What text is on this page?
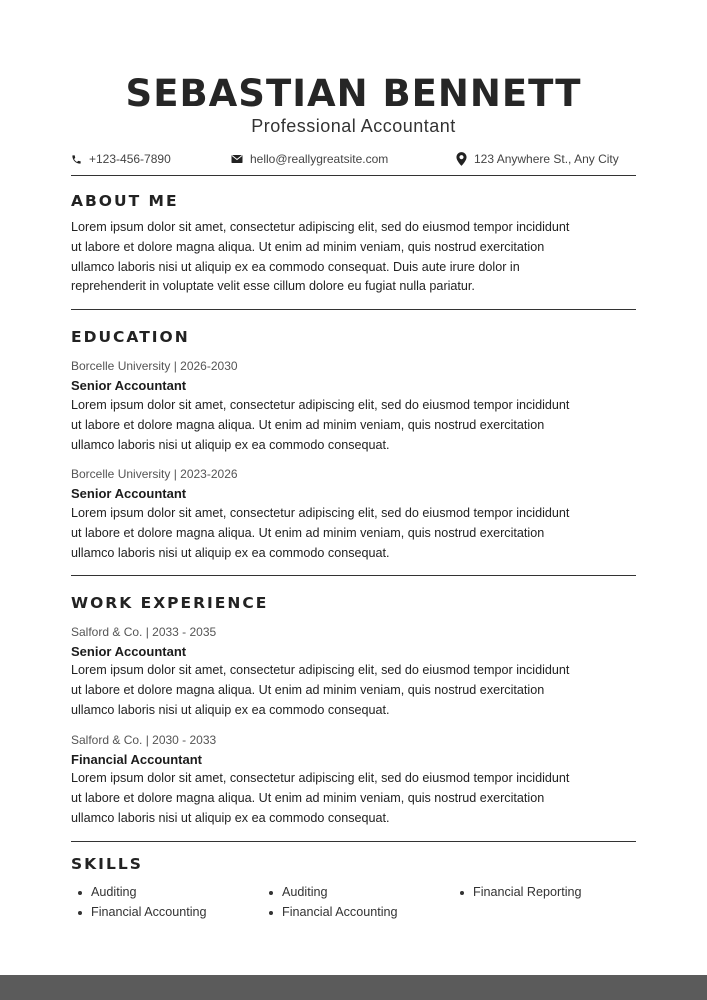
SEBASTIAN BENNETT
Professional Accountant
+123-456-7890	hello@reallygreatsite.com	123 Anywhere St., Any City
ABOUT ME
Lorem ipsum dolor sit amet, consectetur adipiscing elit, sed do eiusmod tempor incididunt
ut labore et dolore magna aliqua. Ut enim ad minim veniam, quis nostrud exercitation
ullamco laboris nisi ut aliquip ex ea commodo consequat. Duis aute irure dolor in
reprehenderit in voluptate velit esse cillum dolore eu fugiat nulla pariatur.
EDUCATION
Borcelle University | 2026-2030
Senior Accountant
Lorem ipsum dolor sit amet, consectetur adipiscing elit, sed do eiusmod tempor incididunt
ut labore et dolore magna aliqua. Ut enim ad minim veniam, quis nostrud exercitation
ullamco laboris nisi ut aliquip ex ea commodo consequat.
Borcelle University | 2023-2026
Senior Accountant
Lorem ipsum dolor sit amet, consectetur adipiscing elit, sed do eiusmod tempor incididunt
ut labore et dolore magna aliqua. Ut enim ad minim veniam, quis nostrud exercitation
ullamco laboris nisi ut aliquip ex ea commodo consequat.
WORK EXPERIENCE
Salford & Co. | 2033 - 2035
Senior Accountant
Lorem ipsum dolor sit amet, consectetur adipiscing elit, sed do eiusmod tempor incididunt
ut labore et dolore magna aliqua. Ut enim ad minim veniam, quis nostrud exercitation
ullamco laboris nisi ut aliquip ex ea commodo consequat.
Salford & Co. | 2030 - 2033
Financial Accountant
Lorem ipsum dolor sit amet, consectetur adipiscing elit, sed do eiusmod tempor incididunt
ut labore et dolore magna aliqua. Ut enim ad minim veniam, quis nostrud exercitation
ullamco laboris nisi ut aliquip ex ea commodo consequat.
SKILLS
Auditing
Financial Accounting
Auditing
Financial Accounting
Financial Reporting
